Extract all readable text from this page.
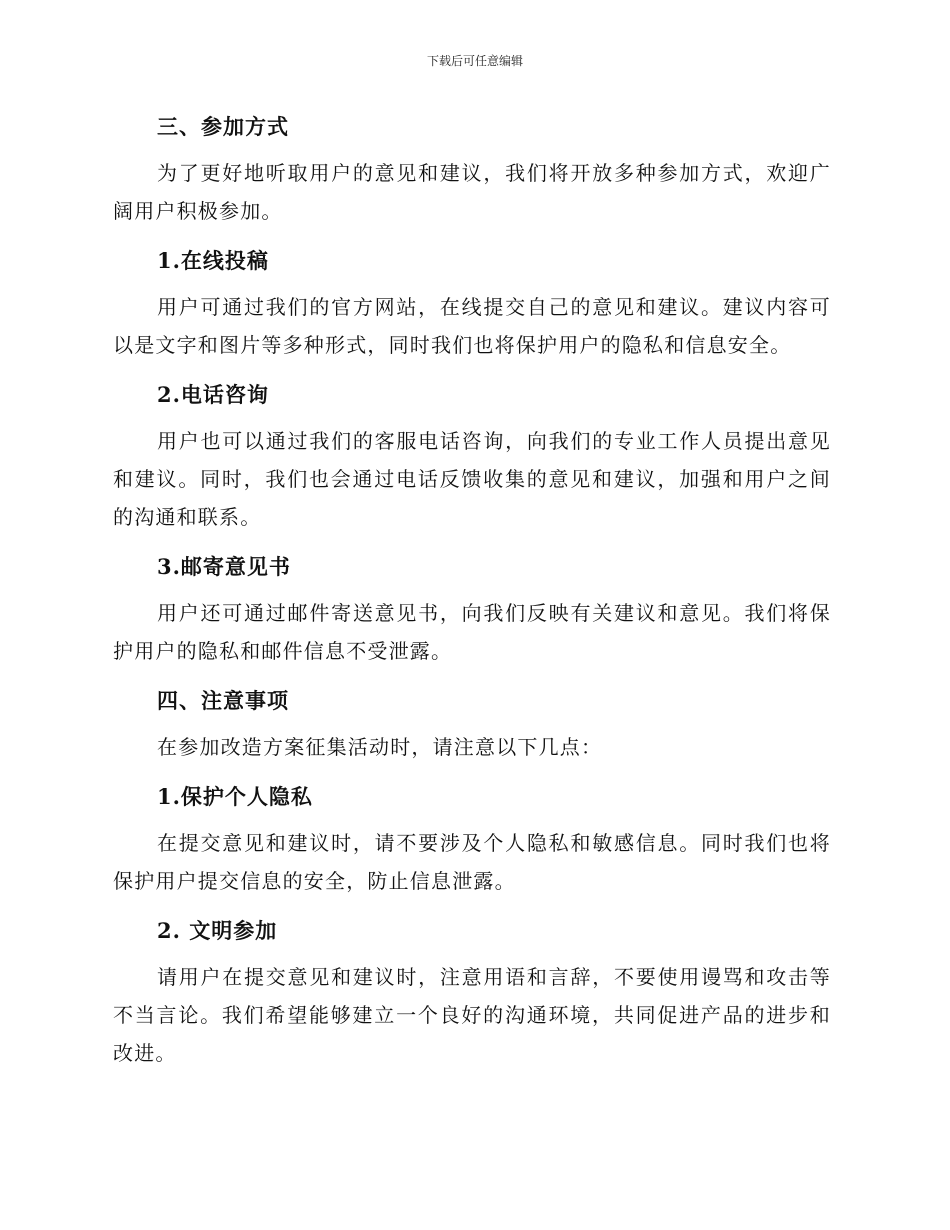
下载后可任意编辑
三、参加方式

为了更好地听取用户的意见和建议，我们将开放多种参加方式，欢迎广阔用户积极参加。

1.在线投稿

用户可通过我们的官方网站，在线提交自己的意见和建议。建议内容可以是文字和图片等多种形式，同时我们也将保护用户的隐私和信息安全。

2.电话咨询

用户也可以通过我们的客服电话咨询，向我们的专业工作人员提出意见和建议。同时，我们也会通过电话反馈收集的意见和建议，加强和用户之间的沟通和联系。

3.邮寄意见书

用户还可通过邮件寄送意见书，向我们反映有关建议和意见。我们将保护用户的隐私和邮件信息不受泄露。

四、注意事项

在参加改造方案征集活动时，请注意以下几点：

1.保护个人隐私

在提交意见和建议时，请不要涉及个人隐私和敏感信息。同时我们也将保护用户提交信息的安全，防止信息泄露。

2. 文明参加

请用户在提交意见和建议时，注意用语和言辞，不要使用谩骂和攻击等不当言论。我们希望能够建立一个良好的沟通环境，共同促进产品的进步和改进。
